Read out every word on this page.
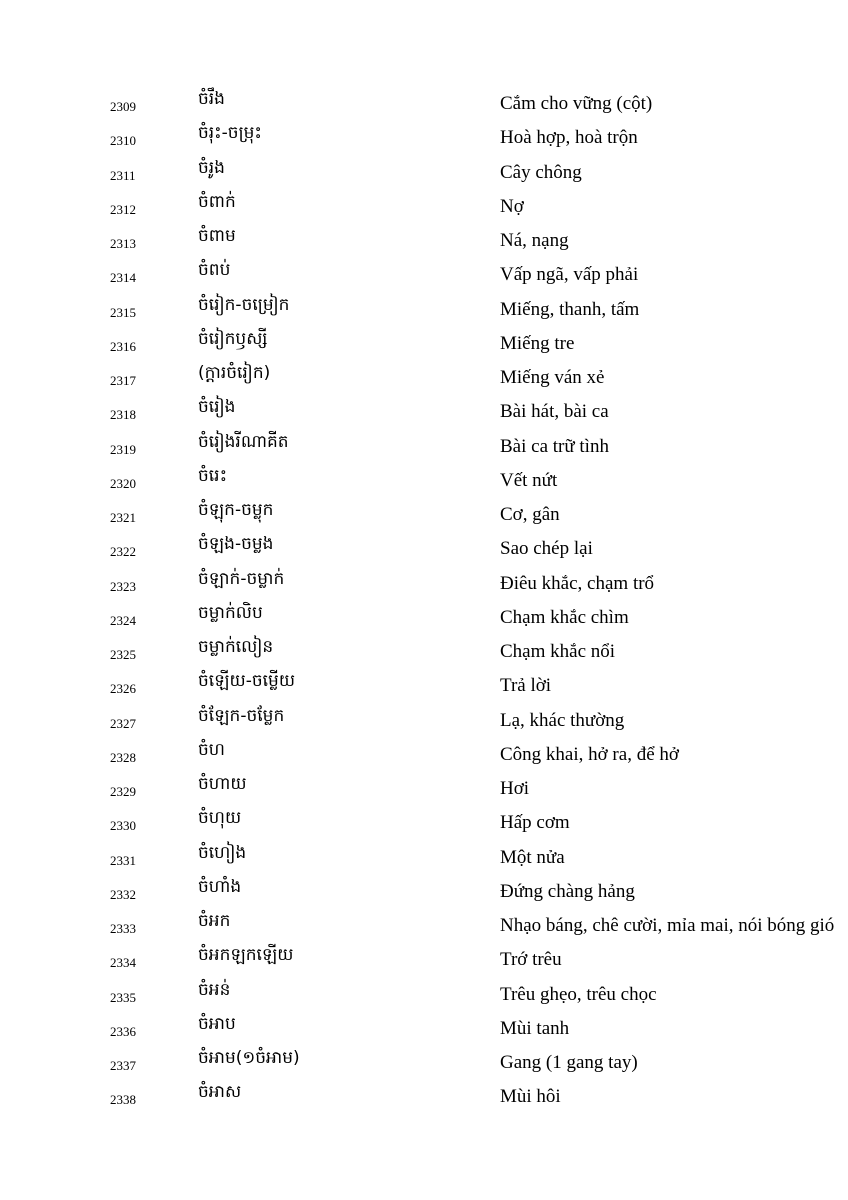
2309	ចំរឹង	Cắm cho vững (cột)
2310	ចំរុះ-ចម្រុះ	Hoà hợp, hoà trộn
2311	ចំរូង	Cây chông
2312	ចំពាក់	Nợ
2313	ចំពាម	Ná, nạng
2314	ចំពប់	Vấp ngã, vấp phải
2315	ចំរៀក-ចម្រៀក	Miếng, thanh, tấm
2316	ចំរៀកឫស្សី	Miếng tre
2317	(ក្តារចំរៀក)	Miếng ván xẻ
2318	ចំរៀង	Bài hát, bài ca
2319	ចំរៀងរីណាគីត	Bài ca trữ tình
2320	ចំរេះ	Vết nứt
2321	ចំឡុក-ចម្លុក	Cơ, gân
2322	ចំឡង-ចម្លង	Sao chép lại
2323	ចំឡាក់-ចម្លាក់	Điêu khắc, chạm trổ
2324	ចម្លាក់លិប	Chạm khắc chìm
2325	ចម្លាក់លៀន	Chạm khắc nổi
2326	ចំឡើយ-ចម្លើយ	Trả lời
2327	ចំឡែក-ចម្លែក	Lạ, khác thường
2328	ចំហ	Công khai, hở ra, để hở
2329	ចំហាយ	Hơi
2330	ចំហុយ	Hấp cơm
2331	ចំហៀង	Một nửa
2332	ចំហាំង	Đứng chàng hảng
2333	ចំអក	Nhạo báng, chê cười, mỉa mai, nói bóng gió
2334	ចំអកឡកឡើយ	Trớ trêu
2335	ចំអន់	Trêu ghẹo, trêu chọc
2336	ចំអាប	Mùi tanh
2337	ចំអាម(១ចំអាម)	Gang (1 gang tay)
2338	ចំអាស	Mùi hôi
